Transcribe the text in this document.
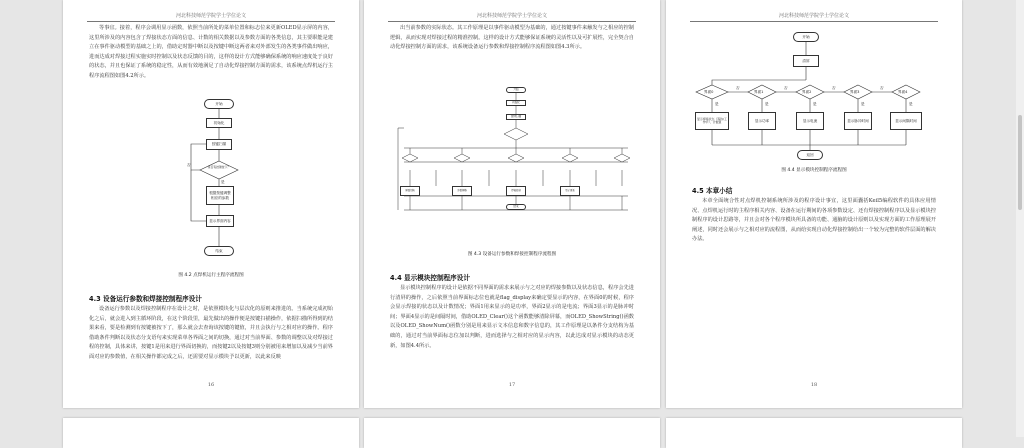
河北科技师范学院学士学位论文

等事宜。接着，程序会调用显示函数，依照当前所处的菜单位置和标志位来更新OLED显示屏的内容，这里所涉及的内容包含了焊接状态方面的信息、计数的相关数据以及参数方面的各类信息，其主要职能是建立在事件驱动模型的基础之上的，借助定时器中断以及按键中断这两者来对外部发生的各类事件做出响应，进而达成对焊接过程实施实时控制以及状态反馈的目的，这样的设计方式能够确保系统的响应速度处于良好的状态，并且也保证了系统的稳定性，从而有效地满足了自动化焊接控制方面的需求，该系统点焊机运行主程序流程图如图4.2所示。

开始
初始化
按键扫描
是否有按键按下？
否
是
根据按键调整相应的参数
显示界面内容
结束
图 4.2 点焊机运行主程序流程图
4.3 设备运行参数和焊接控制程序设计

设备运行参数以及焊接控制程序在设计之时，是依照模块化与层次化的原则来推进的。当系统完成初始化之后，就会进入到主循环阶段，在这个阶段里，最先做出的操作便是按键扫描操作，依据扫描所得到的结果来看，要是检测到有按键被按下了，那么就会去查询该按键的键值，并且会执行与之相对应的操作。程序借助条件判断以及状态分支语句来实现菜单各界面之间的切换，通过对当前界面、参数的调整以及对焊接过程的控制，具体来讲，按键1是用来进行界面切换的，而按键2以及按键3则分别被用来增加以及减少当前界面对应的参数值，在相关操作都完成之后，还需要对显示模块予以更新，以此来反映

16
河北科技师范学院学士学位论文

出当前参数的实际状态。其工作原理是以事件驱动模型为基础的，通过按键事件来触发与之相应的控制逻辑，从而实现对焊接过程的精准控制。这样的设计方式能够保证系统的灵活性以及可扩展性，完全契合自动化焊接控制方面的需求，该系统设备运行参数和焊接控制程序流程图如图4.3所示。

开始
初始化
按键扫描
界面切换	参数调整	焊接控制	显示更新
结束
图 4.3 设备运行参数和焊接控制程序流程图
4.4 显示模块控制程序设计

显示模块控制程序的设计是依据不同界面的需求来展示与之对应的焊接参数以及状态信息，程序会先进行清屏的操作，之后依照当前界面标志位也就是flag_display来确定要显示的内容，在界面0的时候，程序会显示焊接的状态以及计数情况；界面1用来显示的是功率，界面2显示的是电流；界面3显示的是脉冲时间；界面4显示的是间隔时间，借助OLED_Clear()这个函数能够清除屏幕，而OLED_ShowString()函数以及OLED_ShowNum()函数分别是用来显示文本信息和数字信息的，其工作原理是以条件分支结构为基础的，通过对当前界面标志位加以判断，进而选择与之相对应的显示内容，以此达成对显示模块的动态更新，如图4.4所示。

17
河北科技师范学院学士学位论文
开始
清屏
界面0	界面1	界面2	界面3	界面4
否	否	否	否
是	是	是	是	是
显示焊接状态（等待/工作中）、计数值	显示功率	显示电流	显示脉冲时间	显示间隔时间
返回
图 4.4 显示模块控制程序流程图
4.5 本章小结

本章全面统合性对点焊机控制系统所涉及的程序设计事宜，这里面囊括Keil5编程软件的具体应用情况、点焊机运行时的主程序相关内容、设备在运行期间的各项参数设定、还有焊接控制程序以及显示模块控制程序的设计思路等，并且会对各个程序模块所具备的功能、通脑的设计原则以及实现方面的工作原理展开阐述，同时还会展示与之相对应的流程图，从而给实现自动化焊接控制给出一个较为完整的软件层面的解决办法。

18
